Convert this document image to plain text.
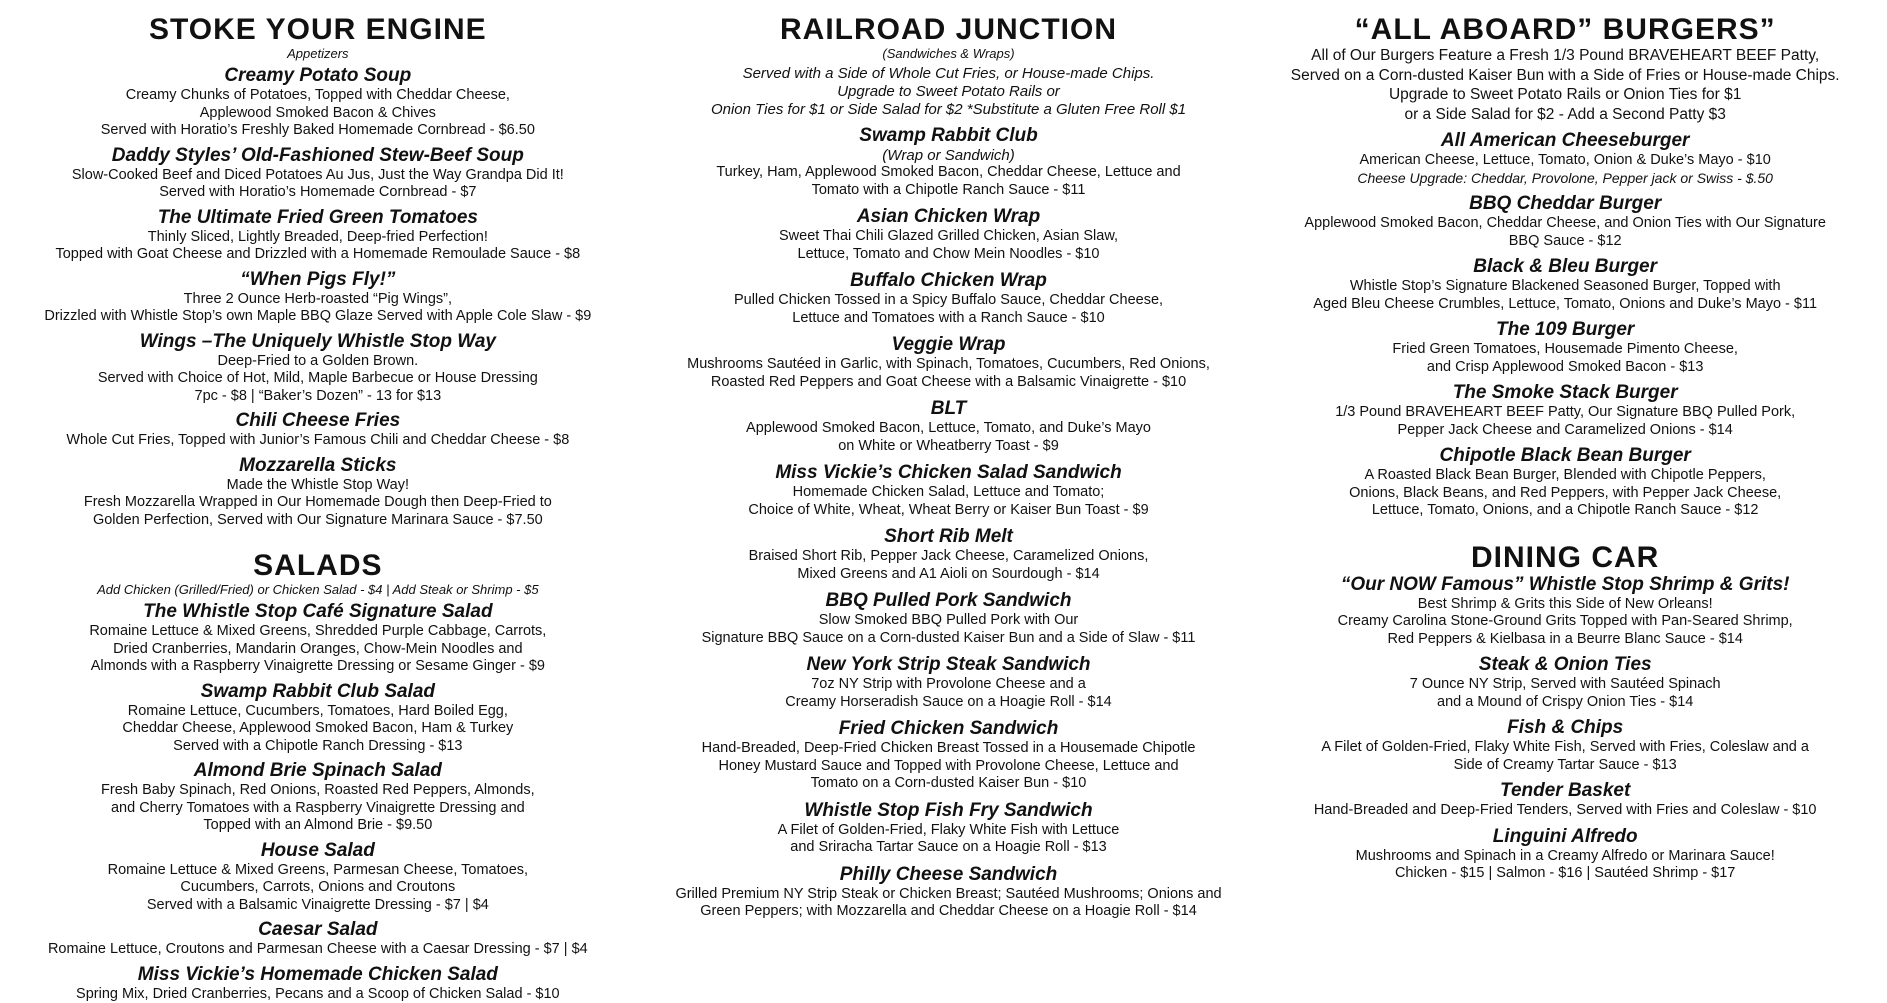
STOKE YOUR ENGINE
Appetizers
Creamy Potato Soup

Creamy Chunks of Potatoes, Topped with Cheddar Cheese,

Applewood Smoked Bacon & Chives

Served with Horatio’s Freshly Baked Homemade Cornbread - $6.50

Daddy Styles’ Old-Fashioned Stew-Beef Soup

Slow-Cooked Beef and Diced Potatoes Au Jus, Just the Way Grandpa Did It!

Served with Horatio’s Homemade Cornbread - $7

The Ultimate Fried Green Tomatoes

Thinly Sliced, Lightly Breaded, Deep-fried Perfection!

Topped with Goat Cheese and Drizzled with a Homemade Remoulade Sauce - $8

“When Pigs Fly!”

Three 2 Ounce Herb-roasted “Pig Wings”,

Drizzled with Whistle Stop’s own Maple BBQ Glaze Served with Apple Cole Slaw - $9

Wings –The Uniquely Whistle Stop Way

Deep-Fried to a Golden Brown.

Served with Choice of Hot, Mild, Maple Barbecue or House Dressing

7pc - $8 | “Baker’s Dozen” - 13 for $13

Chili Cheese Fries

Whole Cut Fries, Topped with Junior’s Famous Chili and Cheddar Cheese - $8

Mozzarella Sticks

Made the Whistle Stop Way!

Fresh Mozzarella Wrapped in Our Homemade Dough then Deep-Fried to

Golden Perfection, Served with Our Signature Marinara Sauce - $7.50

SALADS
Add Chicken (Grilled/Fried) or Chicken Salad - $4 | Add Steak or Shrimp - $5
The Whistle Stop Café Signature Salad

Romaine Lettuce & Mixed Greens, Shredded Purple Cabbage, Carrots,

Dried Cranberries, Mandarin Oranges, Chow-Mein Noodles and

Almonds with a Raspberry Vinaigrette Dressing or Sesame Ginger - $9

Swamp Rabbit Club Salad

Romaine Lettuce, Cucumbers, Tomatoes, Hard Boiled Egg,

Cheddar Cheese, Applewood Smoked Bacon, Ham & Turkey

Served with a Chipotle Ranch Dressing - $13

Almond Brie Spinach Salad

Fresh Baby Spinach, Red Onions, Roasted Red Peppers, Almonds,

and Cherry Tomatoes with a Raspberry Vinaigrette Dressing and

Topped with an Almond Brie - $9.50

House Salad

Romaine Lettuce & Mixed Greens, Parmesan Cheese, Tomatoes,

Cucumbers, Carrots, Onions and Croutons

Served with a Balsamic Vinaigrette Dressing - $7 | $4

Caesar Salad

Romaine Lettuce, Croutons and Parmesan Cheese with a Caesar Dressing - $7 | $4

Miss Vickie’s Homemade Chicken Salad

Spring Mix, Dried Cranberries, Pecans and a Scoop of Chicken Salad - $10

RAILROAD JUNCTION
(Sandwiches & Wraps)

Served with a Side of Whole Cut Fries, or House-made Chips.

Upgrade to Sweet Potato Rails or

Onion Ties for $1 or Side Salad for $2 *Substitute a Gluten Free Roll $1

Swamp Rabbit Club
(Wrap or Sandwich)

Turkey, Ham, Applewood Smoked Bacon, Cheddar Cheese, Lettuce and

Tomato with a Chipotle Ranch Sauce - $11

Asian Chicken Wrap

Sweet Thai Chili Glazed Grilled Chicken, Asian Slaw,

Lettuce, Tomato and Chow Mein Noodles - $10

Buffalo Chicken Wrap

Pulled Chicken Tossed in a Spicy Buffalo Sauce, Cheddar Cheese,

Lettuce and Tomatoes with a Ranch Sauce - $10

Veggie Wrap

Mushrooms Sautéed in Garlic, with Spinach, Tomatoes, Cucumbers, Red Onions,

Roasted Red Peppers and Goat Cheese with a Balsamic Vinaigrette - $10

BLT

Applewood Smoked Bacon, Lettuce, Tomato, and Duke’s Mayo

on White or Wheatberry Toast - $9

Miss Vickie’s Chicken Salad Sandwich

Homemade Chicken Salad, Lettuce and Tomato;

Choice of White, Wheat, Wheat Berry or Kaiser Bun Toast - $9

Short Rib Melt

Braised Short Rib, Pepper Jack Cheese, Caramelized Onions,

Mixed Greens and A1 Aioli on Sourdough - $14

BBQ Pulled Pork Sandwich

Slow Smoked BBQ Pulled Pork with Our

Signature BBQ Sauce on a Corn-dusted Kaiser Bun and a Side of Slaw - $11

New York Strip Steak Sandwich

7oz NY Strip with Provolone Cheese and a

Creamy Horseradish Sauce on a Hoagie Roll - $14

Fried Chicken Sandwich

Hand-Breaded, Deep-Fried Chicken Breast Tossed in a Housemade Chipotle

Honey Mustard Sauce and Topped with Provolone Cheese, Lettuce and

Tomato on a Corn-dusted Kaiser Bun - $10

Whistle Stop Fish Fry Sandwich

A Filet of Golden-Fried, Flaky White Fish with Lettuce

and Sriracha Tartar Sauce on a Hoagie Roll - $13

Philly Cheese Sandwich

Grilled Premium NY Strip Steak or Chicken Breast; Sautéed Mushrooms; Onions and

Green Peppers; with Mozzarella and Cheddar Cheese on a Hoagie Roll - $14

“ALL ABOARD” BURGERS”

All of Our Burgers Feature a Fresh 1/3 Pound BRAVEHEART BEEF Patty,

Served on a Corn-dusted Kaiser Bun with a Side of Fries or House-made Chips.

Upgrade to Sweet Potato Rails or Onion Ties for $1

or a Side Salad for $2 - Add a Second Patty $3

All American Cheeseburger

American Cheese, Lettuce, Tomato, Onion & Duke’s Mayo - $10

Cheese Upgrade: Cheddar, Provolone, Pepper jack or Swiss - $.50

BBQ Cheddar Burger

Applewood Smoked Bacon, Cheddar Cheese, and Onion Ties with Our Signature

BBQ Sauce - $12

Black & Bleu Burger

Whistle Stop’s Signature Blackened Seasoned Burger, Topped with

Aged Bleu Cheese Crumbles, Lettuce, Tomato, Onions and Duke’s Mayo - $11

The 109 Burger

Fried Green Tomatoes, Housemade Pimento Cheese,

and Crisp Applewood Smoked Bacon - $13

The Smoke Stack Burger

1/3 Pound BRAVEHEART BEEF Patty, Our Signature BBQ Pulled Pork,

Pepper Jack Cheese and Caramelized Onions - $14

Chipotle Black Bean Burger

A Roasted Black Bean Burger, Blended with Chipotle Peppers,

Onions, Black Beans, and Red Peppers, with Pepper Jack Cheese,

Lettuce, Tomato, Onions, and a Chipotle Ranch Sauce - $12

DINING CAR
“Our NOW Famous” Whistle Stop Shrimp & Grits!

Best Shrimp & Grits this Side of New Orleans!

Creamy Carolina Stone-Ground Grits Topped with Pan-Seared Shrimp,

Red Peppers & Kielbasa in a Beurre Blanc Sauce - $14

Steak & Onion Ties

7 Ounce NY Strip, Served with Sautéed Spinach

and a Mound of Crispy Onion Ties - $14

Fish & Chips

A Filet of Golden-Fried, Flaky White Fish, Served with Fries, Coleslaw and a

Side of Creamy Tartar Sauce - $13

Tender Basket

Hand-Breaded and Deep-Fried Tenders, Served with Fries and Coleslaw - $10

Linguini Alfredo

Mushrooms and Spinach in a Creamy Alfredo or Marinara Sauce!

Chicken - $15 | Salmon - $16 | Sautéed Shrimp - $17
